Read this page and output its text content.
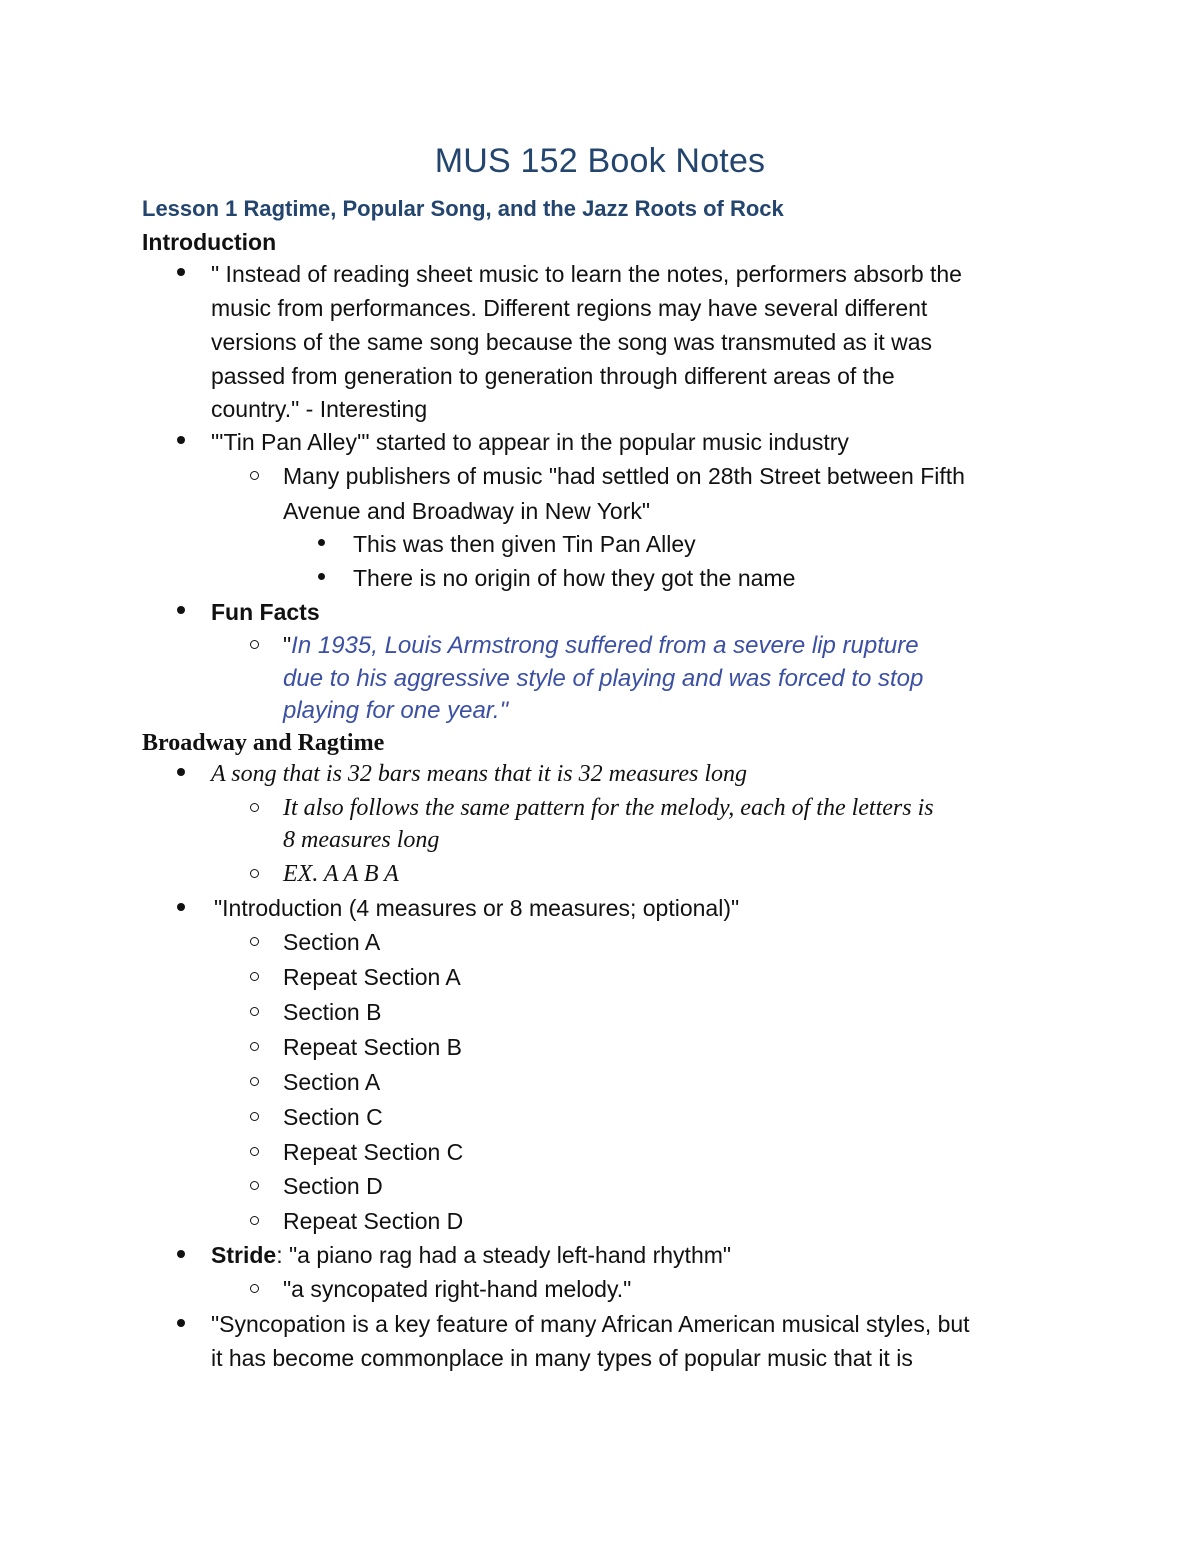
MUS 152 Book Notes
Lesson 1 Ragtime, Popular Song, and the Jazz Roots of Rock
Introduction
" Instead of reading sheet music to learn the notes, performers absorb the
music from performances. Different regions may have several different
versions of the same song because the song was transmuted as it was
passed from generation to generation through different areas of the
country." - Interesting
"'Tin Pan Alley'" started to appear in the popular music industry
Many publishers of music "had settled on 28th Street between Fifth
Avenue and Broadway in New York"
This was then given Tin Pan Alley
There is no origin of how they got the name
Fun Facts
"In 1935, Louis Armstrong suffered from a severe lip rupture
due to his aggressive style of playing and was forced to stop
playing for one year."
Broadway and Ragtime
A song that is 32 bars means that it is 32 measures long
It also follows the same pattern for the melody, each of the letters is
8 measures long
EX. A A B A
"Introduction (4 measures or 8 measures; optional)"
Section A
Repeat Section A
Section B
Repeat Section B
Section A
Section C
Repeat Section C
Section D
Repeat Section D
Stride: "a piano rag had a steady left-hand rhythm"
"a syncopated right-hand melody."
"Syncopation is a key feature of many African American musical styles, but
it has become commonplace in many types of popular music that it is
